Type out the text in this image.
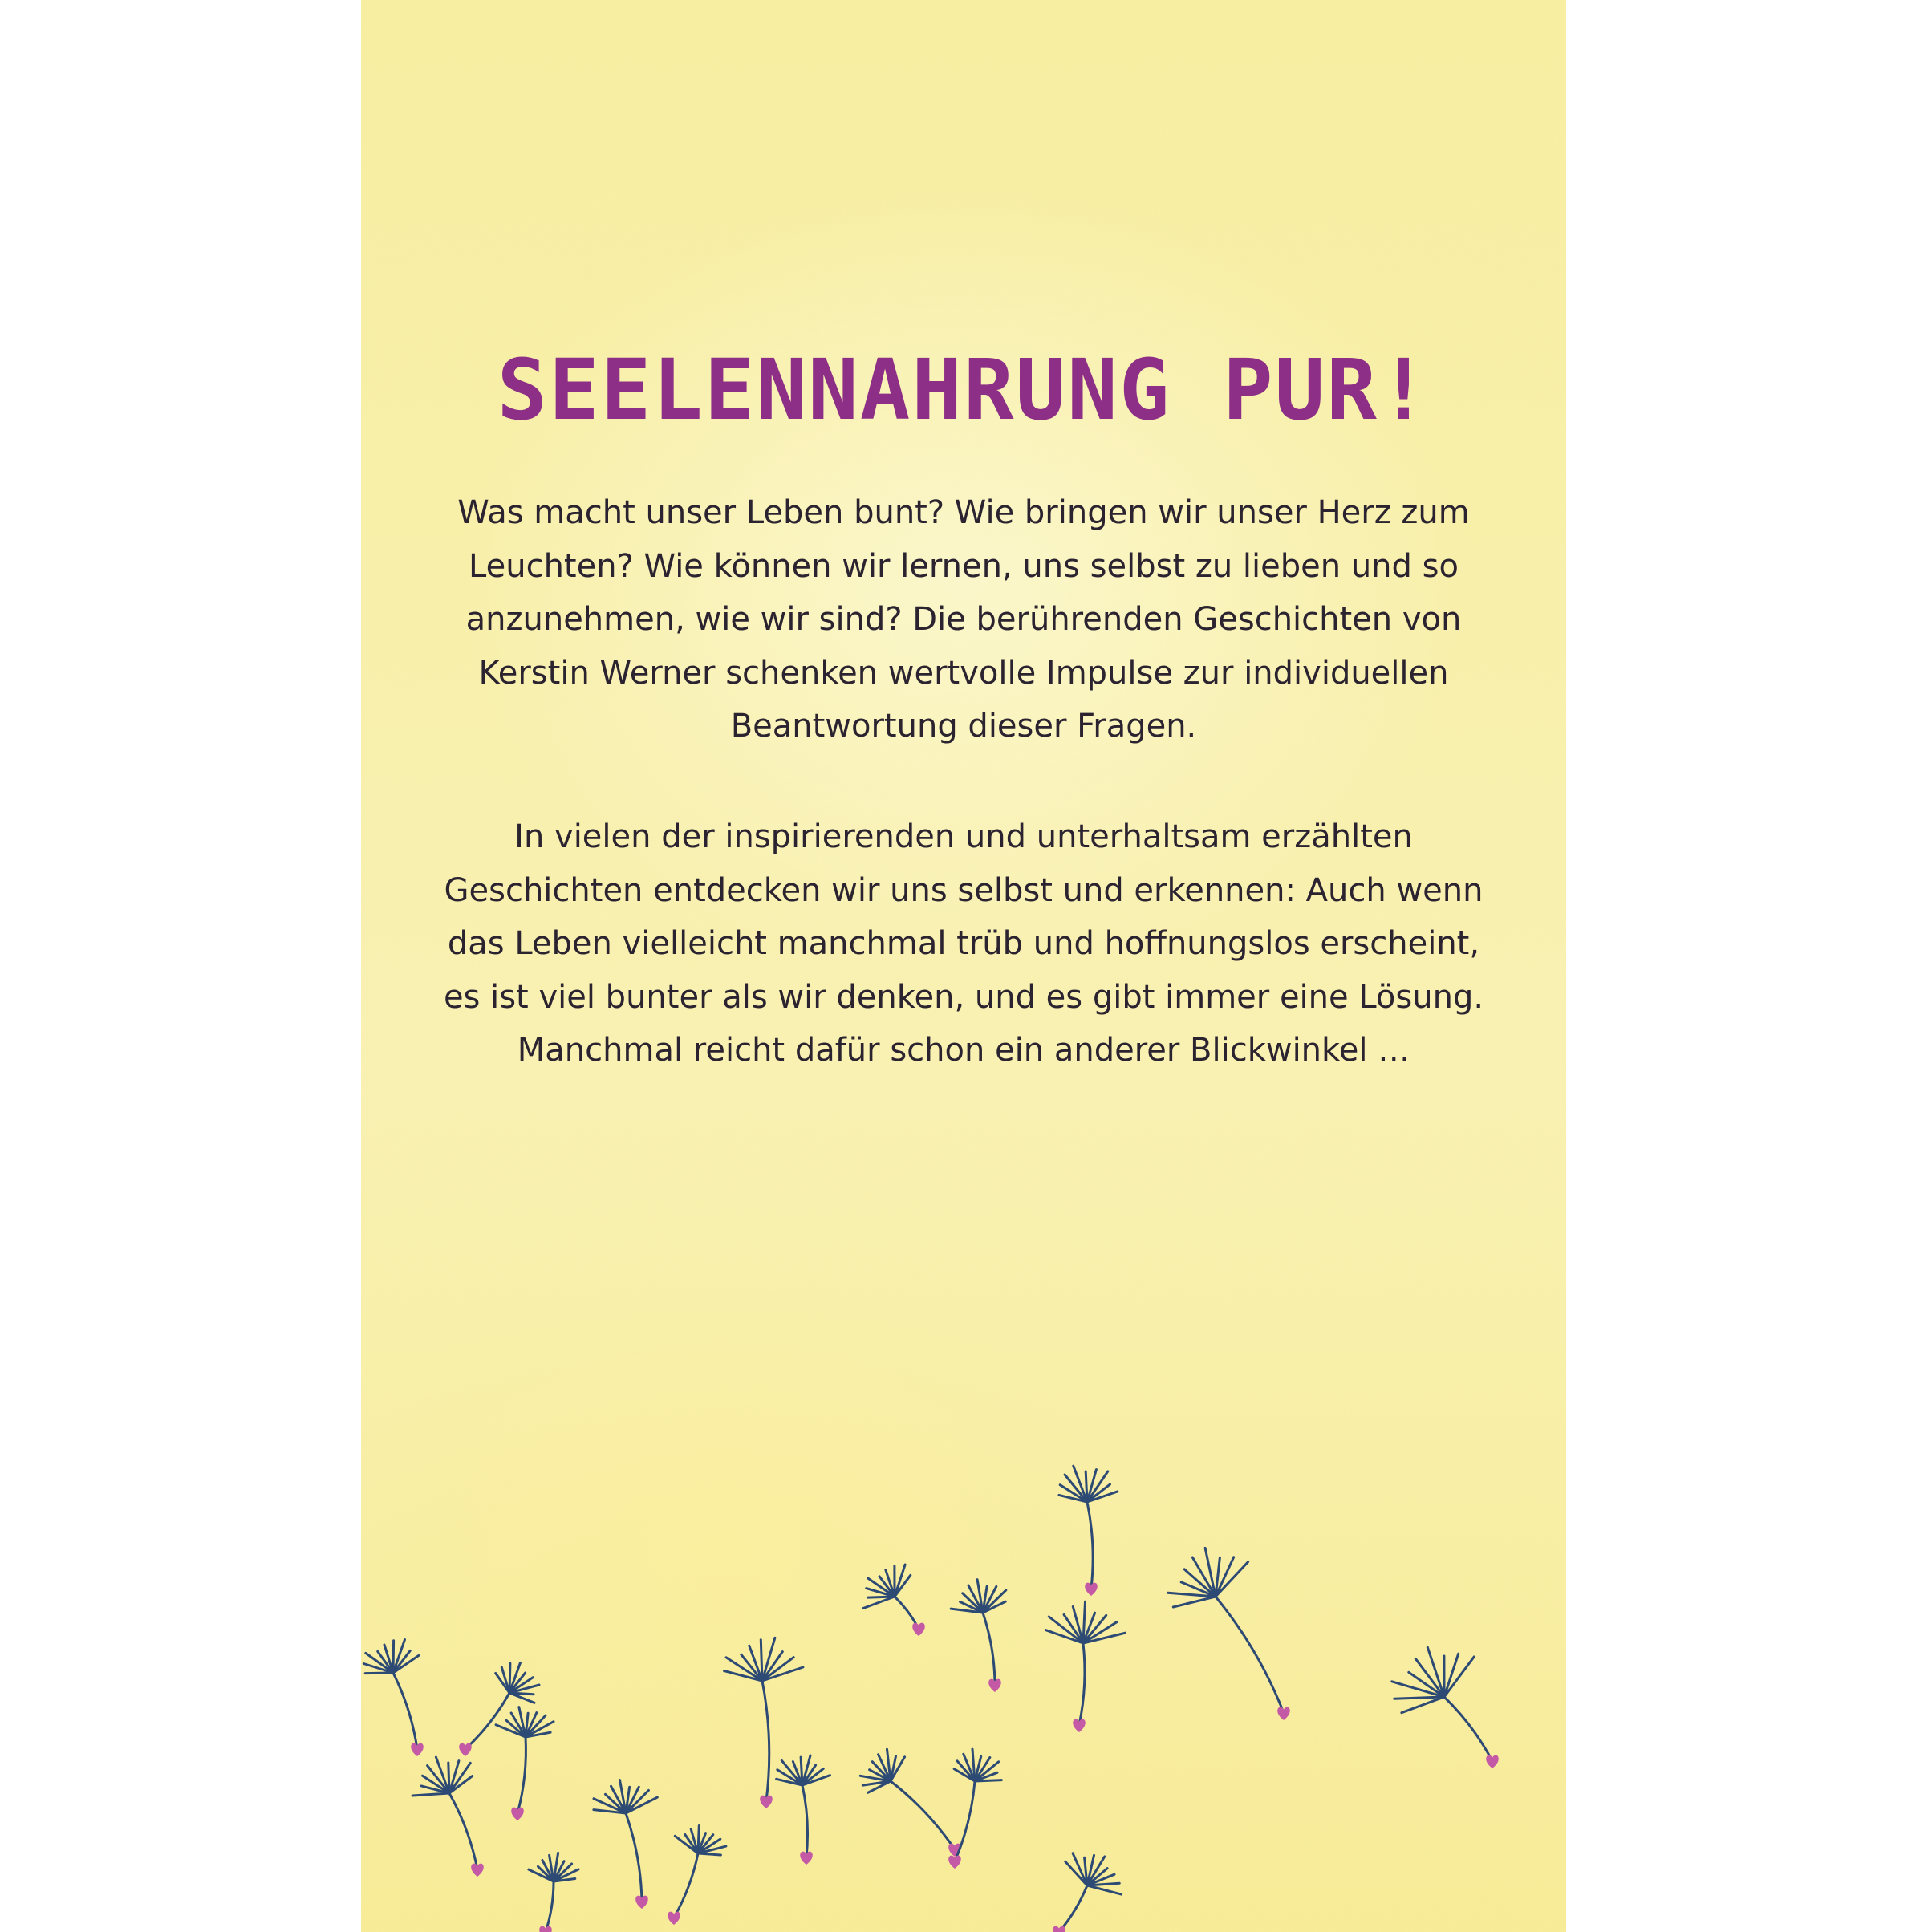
SEELENNAHRUNG PUR!
Was macht unser Leben bunt? Wie bringen wir unser Herz zum
Leuchten? Wie können wir lernen, uns selbst zu lieben und so
anzunehmen, wie wir sind? Die berührenden Geschichten von
Kerstin Werner schenken wertvolle Impulse zur individuellen
Beantwortung dieser Fragen.
In vielen der inspirierenden und unterhaltsam erzählten
Geschichten entdecken wir uns selbst und erkennen: Auch wenn
das Leben vielleicht manchmal trüb und hoffnungslos erscheint,
es ist viel bunter als wir denken, und es gibt immer eine Lösung.
Manchmal reicht dafür schon ein anderer Blickwinkel …
